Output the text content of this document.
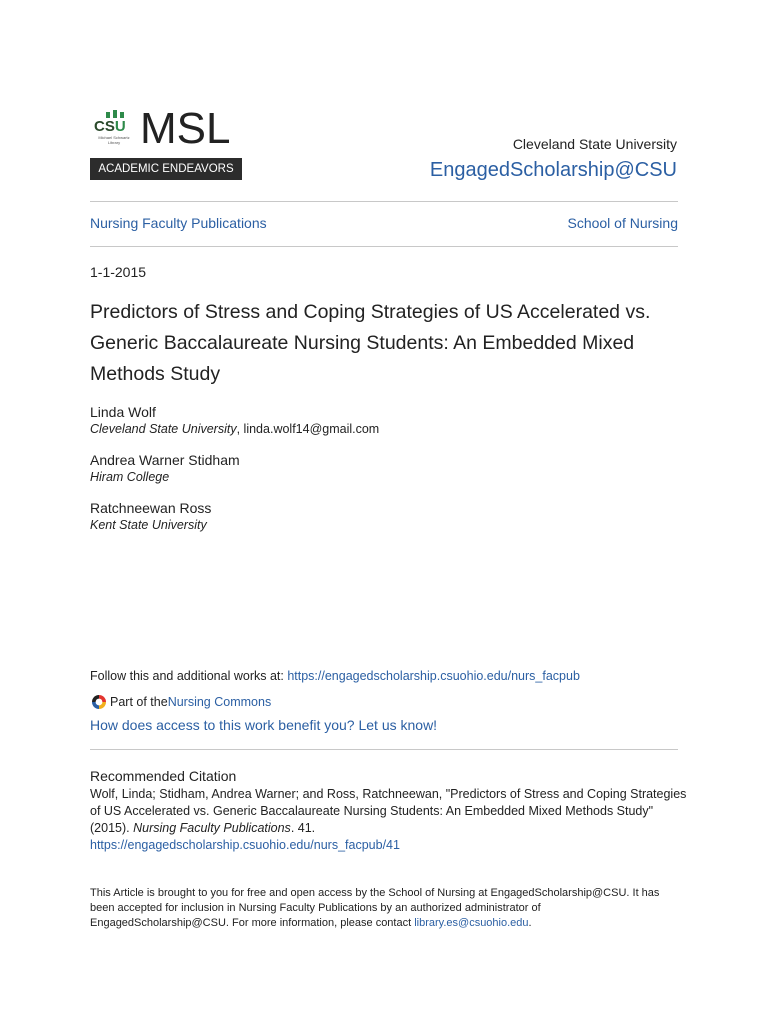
CSU
Michael Schwartz
Library MSL
ACADEMIC ENDEAVORS
Cleveland State University
EngagedScholarship@CSU
Nursing Faculty Publications	School of Nursing
1-1-2015
Predictors of Stress and Coping Strategies of US Accelerated vs. Generic Baccalaureate Nursing Students: An Embedded Mixed Methods Study
Linda Wolf
Cleveland State University, linda.wolf14@gmail.com
Andrea Warner Stidham
Hiram College
Ratchneewan Ross
Kent State University
Follow this and additional works at: https://engagedscholarship.csuohio.edu/nurs_facpub
Part of the Nursing Commons
How does access to this work benefit you? Let us know!
Recommended Citation
Wolf, Linda; Stidham, Andrea Warner; and Ross, Ratchneewan, "Predictors of Stress and Coping Strategies of US Accelerated vs. Generic Baccalaureate Nursing Students: An Embedded Mixed Methods Study" (2015). Nursing Faculty Publications. 41.
https://engagedscholarship.csuohio.edu/nurs_facpub/41
This Article is brought to you for free and open access by the School of Nursing at EngagedScholarship@CSU. It has been accepted for inclusion in Nursing Faculty Publications by an authorized administrator of EngagedScholarship@CSU. For more information, please contact library.es@csuohio.edu.
